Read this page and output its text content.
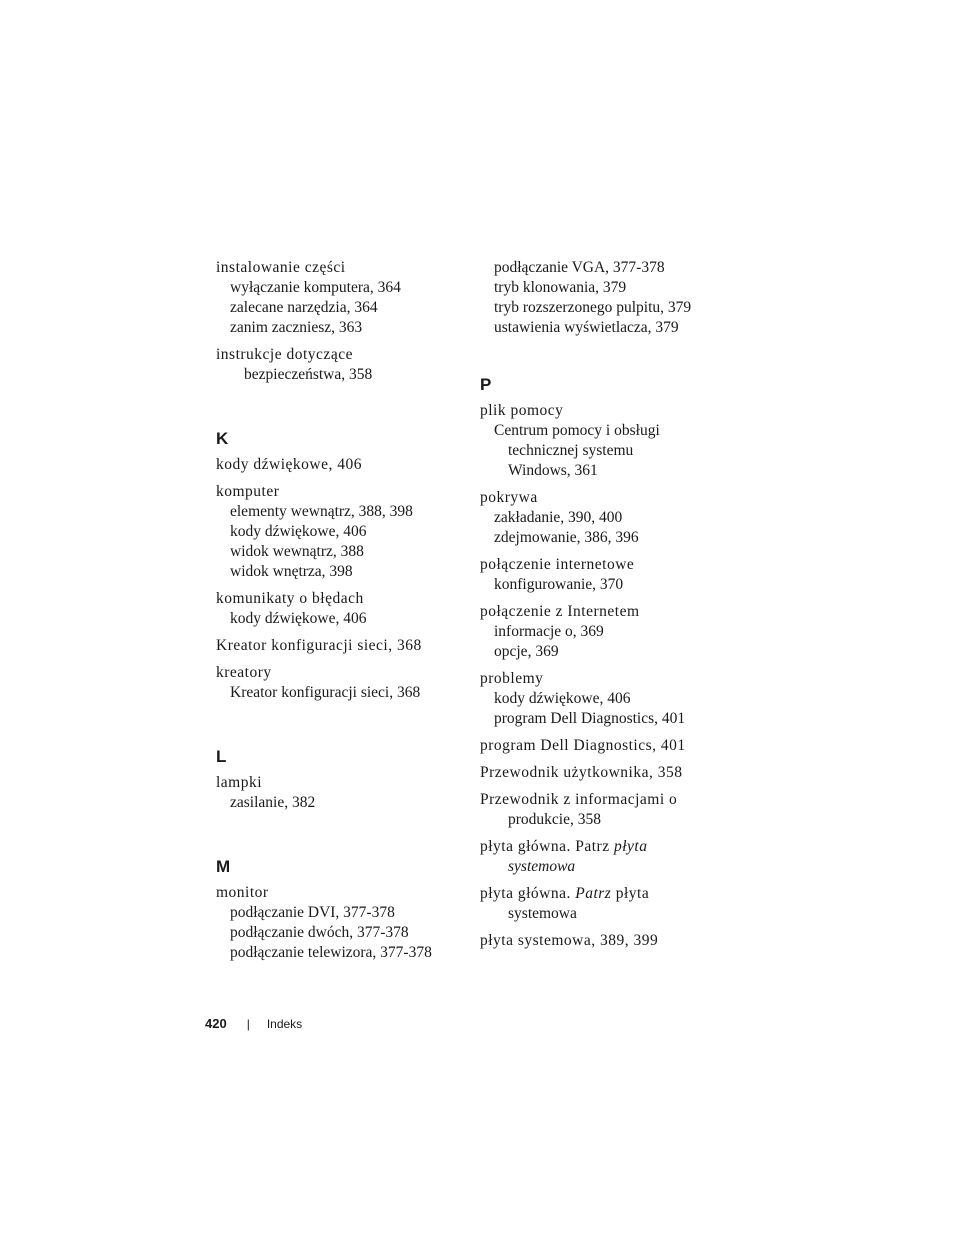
instalowanie części
wyłączanie komputera, 364
zalecane narzędzia, 364
zanim zaczniesz, 363
instrukcje dotyczące
bezpieczeństwa, 358
K
kody dźwiękowe, 406
komputer
elementy wewnątrz, 388, 398
kody dźwiękowe, 406
widok wewnątrz, 388
widok wnętrza, 398
komunikaty o błędach
kody dźwiękowe, 406
Kreator konfiguracji sieci, 368
kreatory
Kreator konfiguracji sieci, 368
L
lampki
zasilanie, 382
M
monitor
podłączanie DVI, 377-378
podłączanie dwóch, 377-378
podłączanie telewizora, 377-378
podłączanie VGA, 377-378
tryb klonowania, 379
tryb rozszerzonego pulpitu, 379
ustawienia wyświetlacza, 379
P
plik pomocy
Centrum pomocy i obsługi
technicznej systemu
Windows, 361
pokrywa
zakładanie, 390, 400
zdejmowanie, 386, 396
połączenie internetowe
konfigurowanie, 370
połączenie z Internetem
informacje o, 369
opcje, 369
problemy
kody dźwiękowe, 406
program Dell Diagnostics, 401
program Dell Diagnostics, 401
Przewodnik użytkownika, 358
Przewodnik z informacjami o
produkcie, 358
płyta główna. Patrz płyta
systemowa
płyta główna. Patrz płyta
systemowa
płyta systemowa, 389, 399
420 | Indeks
